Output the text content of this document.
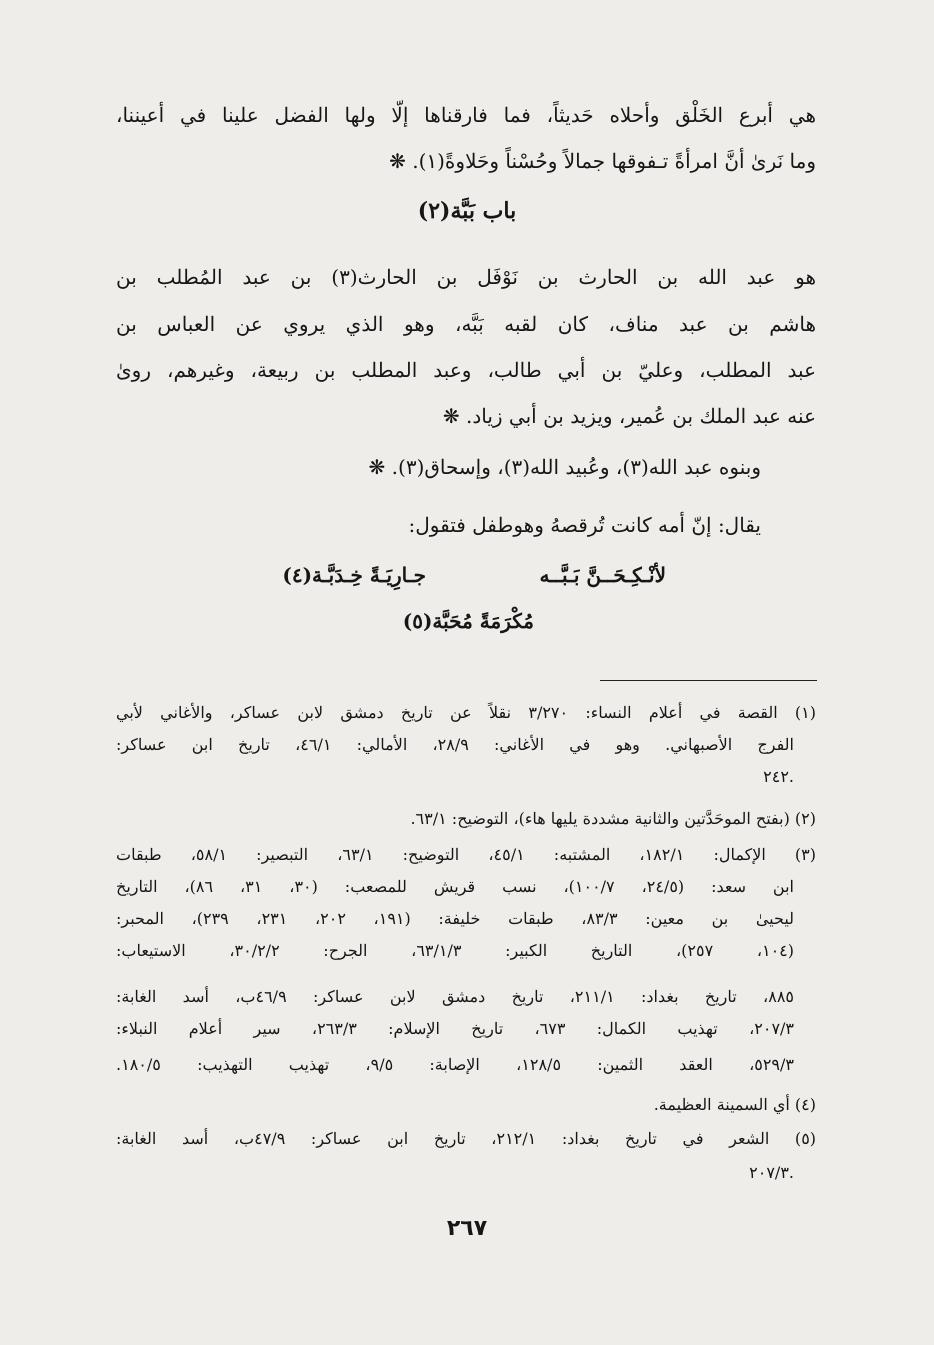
هي أبرع الخَلْق وأحلاه حَديثاً، فما فارقناها إلّا ولها الفضل علينا في أعيننا،
وما نَرىٰ أنَّ امرأةً تـفوقها جمالاً وحُسْناً وحَلاوةً(١). ❋
باب بَبَّة(٢)
هو عبد الله بن الحارث بن نَوْفَل بن الحارث(٣) بن عبد المُطلب بن
هاشم بن عبد مناف، كان لقبه بَبَّه، وهو الذي يروي عن العباس بن
عبد المطلب، وعليّ بن أبي طالب، وعبد المطلب بن ربيعة، وغيرهم، روىٰ
عنه عبد الملك بن عُمير، ويزيد بن أبي زياد. ❋
وبنوه عبد الله(٣)، وعُبيد الله(٣)، وإسحاق(٣). ❋
يقال: إنّ أمه كانت تُرقصهُ وهوطفل فتقول:
لأنْـكِـحَــنَّ بَـبَّــه
جـارِيَـةً خِـدَبَّـة(٤)
مُكْرَمَةً مُحَبَّة(٥)
(١) القصة في أعلام النساء: ٣/٢٧٠ نقلاً عن تاريخ دمشق لابن عساكر، والأغاني لأبي
الفرج الأصبهاني. وهو في الأغاني: ٢٨/٩، الأمالي: ٤٦/١، تاريخ ابن عساكر:
٢٤٢.
(٢) (بفتح الموحَدَّتين والثانية مشددة يليها هاء)، التوضيح: ٦٣/١.
(٣) الإكمال: ١٨٢/١، المشتبه: ٤٥/١، التوضيح: ٦٣/١، التبصير: ٥٨/١، طبقات
ابن سعد: (٢٤/٥، ١٠٠/٧)، نسب قريش للمصعب: (٣٠، ٣١، ٨٦)، التاريخ
ليحيىٰ بن معين: ٨٣/٣، طبقات خليفة: (١٩١، ٢٠٢، ٢٣١، ٢٣٩)، المحبر:
(١٠٤، ٢٥٧)، التاريخ الكبير: ٦٣/١/٣، الجرح: ٣٠/٢/٢، الاستيعاب:
٨٨٥، تاريخ بغداد: ٢١١/١، تاريخ دمشق لابن عساكر: ٤٦/٩ب، أسد الغابة:
٢٠٧/٣، تهذيب الكمال: ٦٧٣، تاريخ الإسلام: ٢٦٣/٣، سير أعلام النبلاء:
٥٢٩/٣، العقد الثمين: ١٢٨/٥، الإصابة: ٩/٥، تهذيب التهذيب: ١٨٠/٥.
(٤) أي السمينة العظيمة.
(٥) الشعر في تاريخ بغداد: ٢١٢/١، تاريخ ابن عساكر: ٤٧/٩ب، أسد الغابة:
٢٠٧/٣.
٢٦٧
